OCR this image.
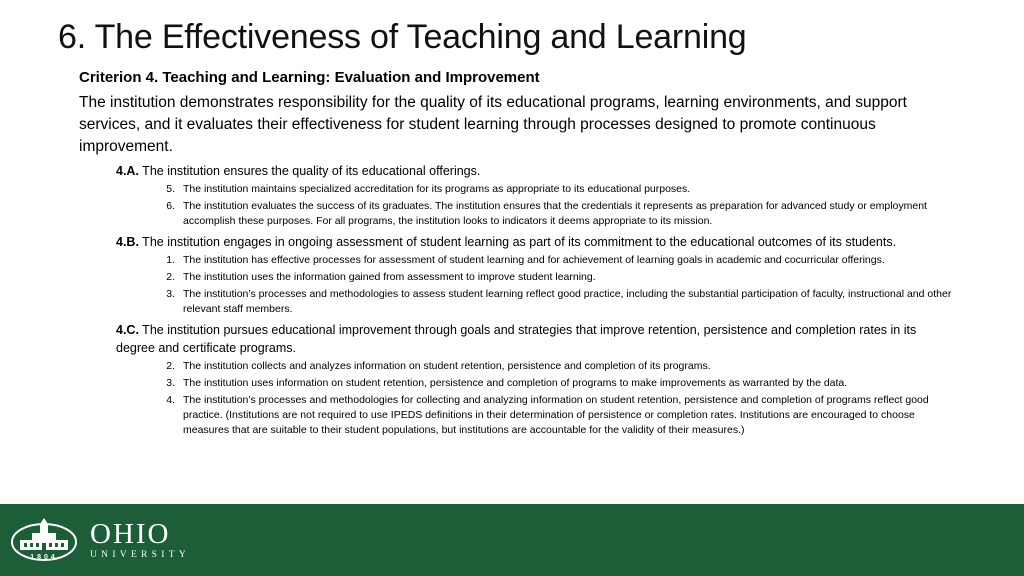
6. The Effectiveness of Teaching and Learning
Criterion 4. Teaching and Learning: Evaluation and Improvement
The institution demonstrates responsibility for the quality of its educational programs, learning environments, and support services, and it evaluates their effectiveness for student learning through processes designed to promote continuous improvement.
4.A. The institution ensures the quality of its educational offerings.
5. The institution maintains specialized accreditation for its programs as appropriate to its educational purposes.
6. The institution evaluates the success of its graduates. The institution ensures that the credentials it represents as preparation for advanced study or employment accomplish these purposes. For all programs, the institution looks to indicators it deems appropriate to its mission.
4.B. The institution engages in ongoing assessment of student learning as part of its commitment to the educational outcomes of its students.
1. The institution has effective processes for assessment of student learning and for achievement of learning goals in academic and cocurricular offerings.
2. The institution uses the information gained from assessment to improve student learning.
3. The institution’s processes and methodologies to assess student learning reflect good practice, including the substantial participation of faculty, instructional and other relevant staff members.
4.C. The institution pursues educational improvement through goals and strategies that improve retention, persistence and completion rates in its degree and certificate programs.
2. The institution collects and analyzes information on student retention, persistence and completion of its programs.
3. The institution uses information on student retention, persistence and completion of programs to make improvements as warranted by the data.
4. The institution’s processes and methodologies for collecting and analyzing information on student retention, persistence and completion of programs reflect good practice. (Institutions are not required to use IPEDS definitions in their determination of persistence or completion rates. Institutions are encouraged to choose measures that are suitable to their student populations, but institutions are accountable for the validity of their measures.)
1804
OHIO
UNIVERSITY
